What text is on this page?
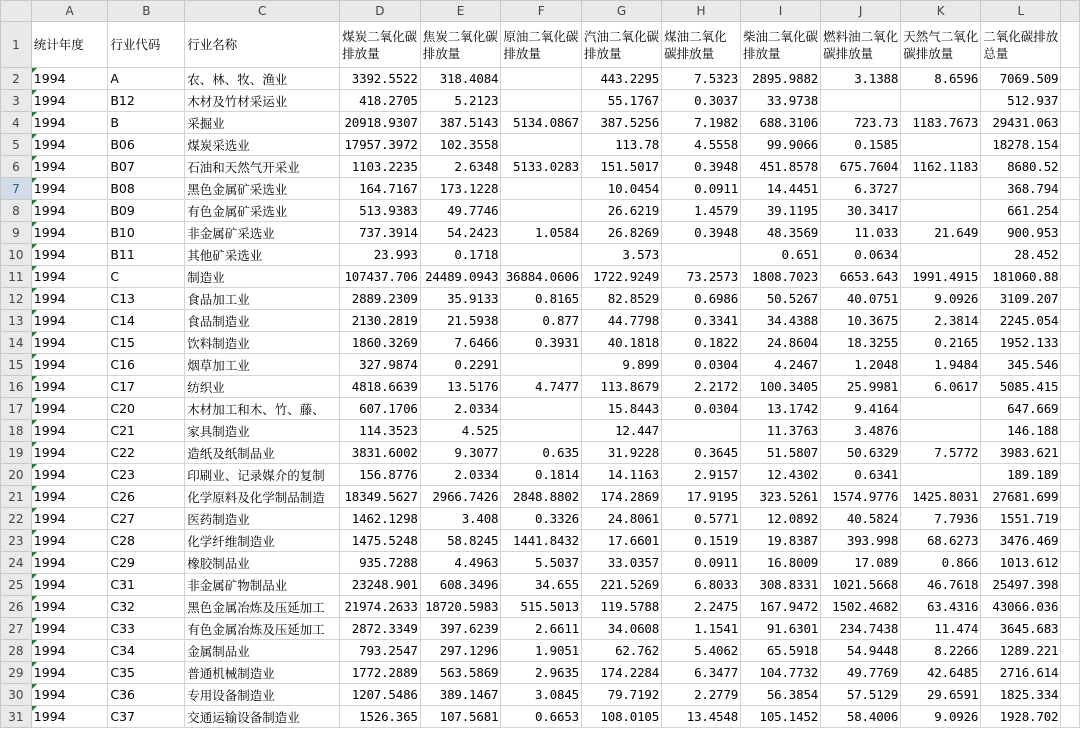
	A	B	C	D	E	F	G	H	I	J	K	L	
1	统计年度	行业代码	行业名称	煤炭二氧化碳排放量	焦炭二氧化碳排放量	原油二氧化碳排放量	汽油二氧化碳排放量	煤油二氧化碳排放量	柴油二氧化碳排放量	燃料油二氧化碳排放量	天然气二氧化碳排放量	二氧化碳排放总量	
2	1994	A	农、林、牧、渔业	3392.5522	318.4084		443.2295	7.5323	2895.9882	3.1388	8.6596	7069.509	
3	1994	B12	木材及竹材采运业	418.2705	5.2123		55.1767	0.3037	33.9738			512.937	
4	1994	B	采掘业	20918.9307	387.5143	5134.0867	387.5256	7.1982	688.3106	723.73	1183.7673	29431.063	
5	1994	B06	煤炭采选业	17957.3972	102.3558		113.78	4.5558	99.9066	0.1585		18278.154	
6	1994	B07	石油和天然气开采业	1103.2235	2.6348	5133.0283	151.5017	0.3948	451.8578	675.7604	1162.1183	8680.52	
7	1994	B08	黑色金属矿采选业	164.7167	173.1228		10.0454	0.0911	14.4451	6.3727		368.794	
8	1994	B09	有色金属矿采选业	513.9383	49.7746		26.6219	1.4579	39.1195	30.3417		661.254	
9	1994	B10	非金属矿采选业	737.3914	54.2423	1.0584	26.8269	0.3948	48.3569	11.033	21.649	900.953	
10	1994	B11	其他矿采选业	23.993	0.1718		3.573		0.651	0.0634		28.452	
11	1994	C	制造业	107437.706	24489.0943	36884.0606	1722.9249	73.2573	1808.7023	6653.643	1991.4915	181060.88	
12	1994	C13	食品加工业	2889.2309	35.9133	0.8165	82.8529	0.6986	50.5267	40.0751	9.0926	3109.207	
13	1994	C14	食品制造业	2130.2819	21.5938	0.877	44.7798	0.3341	34.4388	10.3675	2.3814	2245.054	
14	1994	C15	饮料制造业	1860.3269	7.6466	0.3931	40.1818	0.1822	24.8604	18.3255	0.2165	1952.133	
15	1994	C16	烟草加工业	327.9874	0.2291		9.899	0.0304	4.2467	1.2048	1.9484	345.546	
16	1994	C17	纺织业	4818.6639	13.5176	4.7477	113.8679	2.2172	100.3405	25.9981	6.0617	5085.415	
17	1994	C20	木材加工和木、竹、藤、	607.1706	2.0334		15.8443	0.0304	13.1742	9.4164		647.669	
18	1994	C21	家具制造业	114.3523	4.525		12.447		11.3763	3.4876		146.188	
19	1994	C22	造纸及纸制品业	3831.6002	9.3077	0.635	31.9228	0.3645	51.5807	50.6329	7.5772	3983.621	
20	1994	C23	印刷业、记录媒介的复制	156.8776	2.0334	0.1814	14.1163	2.9157	12.4302	0.6341		189.189	
21	1994	C26	化学原料及化学制品制造	18349.5627	2966.7426	2848.8802	174.2869	17.9195	323.5261	1574.9776	1425.8031	27681.699	
22	1994	C27	医药制造业	1462.1298	3.408	0.3326	24.8061	0.5771	12.0892	40.5824	7.7936	1551.719	
23	1994	C28	化学纤维制造业	1475.5248	58.8245	1441.8432	17.6601	0.1519	19.8387	393.998	68.6273	3476.469	
24	1994	C29	橡胶制品业	935.7288	4.4963	5.5037	33.0357	0.0911	16.8009	17.089	0.866	1013.612	
25	1994	C31	非金属矿物制品业	23248.901	608.3496	34.655	221.5269	6.8033	308.8331	1021.5668	46.7618	25497.398	
26	1994	C32	黑色金属冶炼及压延加工	21974.2633	18720.5983	515.5013	119.5788	2.2475	167.9472	1502.4682	63.4316	43066.036	
27	1994	C33	有色金属冶炼及压延加工	2872.3349	397.6239	2.6611	34.0608	1.1541	91.6301	234.7438	11.474	3645.683	
28	1994	C34	金属制品业	793.2547	297.1296	1.9051	62.762	5.4062	65.5918	54.9448	8.2266	1289.221	
29	1994	C35	普通机械制造业	1772.2889	563.5869	2.9635	174.2284	6.3477	104.7732	49.7769	42.6485	2716.614	
30	1994	C36	专用设备制造业	1207.5486	389.1467	3.0845	79.7192	2.2779	56.3854	57.5129	29.6591	1825.334	
31	1994	C37	交通运输设备制造业	1526.365	107.5681	0.6653	108.0105	13.4548	105.1452	58.4006	9.0926	1928.702	
